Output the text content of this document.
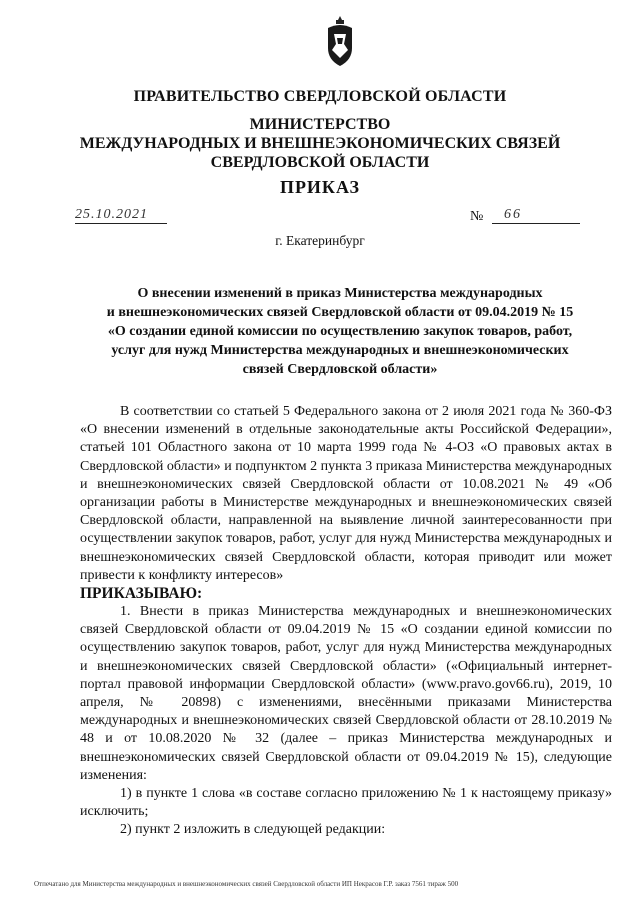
ПРАВИТЕЛЬСТВО СВЕРДЛОВСКОЙ ОБЛАСТИ
МИНИСТЕРСТВО
МЕЖДУНАРОДНЫХ И ВНЕШНЕЭКОНОМИЧЕСКИХ СВЯЗЕЙ
СВЕРДЛОВСКОЙ ОБЛАСТИ
ПРИКАЗ
25.10.2021	№	66
г. Екатеринбург
О внесении изменений в приказ Министерства международных
и внешнеэкономических связей Свердловской области от 09.04.2019 № 15
«О создании единой комиссии по осуществлению закупок товаров, работ,
услуг для нужд Министерства международных и внешнеэкономических
связей Свердловской области»

В соответствии со статьей 5 Федерального закона от 2 июля 2021 года № 360-ФЗ «О внесении изменений в отдельные законодательные акты Российской Федерации», статьей 101 Областного закона от 10 марта 1999 года № 4-ОЗ «О правовых актах в Свердловской области» и подпунктом 2 пункта 3 приказа Министерства международных и внешнеэкономических связей Свердловской области от 10.08.2021 № 49 «Об организации работы в Министерстве международных и внешнеэкономических связей Свердловской области, направленной на выявление личной заинтересованности при осуществлении закупок товаров, работ, услуг для нужд Министерства международных и внешнеэкономических связей Свердловской области, которая приводит или может привести к конфликту интересов»

ПРИКАЗЫВАЮ:

1. Внести в приказ Министерства международных и внешнеэкономических связей Свердловской области от 09.04.2019 № 15 «О создании единой комиссии по осуществлению закупок товаров, работ, услуг для нужд Министерства международных и внешнеэкономических связей Свердловской области» («Официальный интернет-портал правовой информации Свердловской области» (www.pravo.gov66.ru), 2019, 10 апреля, № 20898) с изменениями, внесёнными приказами Министерства международных и внешнеэкономических связей Свердловской области от 28.10.2019 № 48 и от 10.08.2020 № 32 (далее – приказ Министерства международных и внешнеэкономических связей Свердловской области от 09.04.2019 № 15), следующие изменения:

1) в пункте 1 слова «в составе согласно приложению № 1 к настоящему приказу» исключить;

2) пункт 2 изложить в следующей редакции:

Отпечатано для Министерства международных и внешнеэкономических связей Свердловской области ИП Некрасов Г.Р. заказ 7561 тираж 500
